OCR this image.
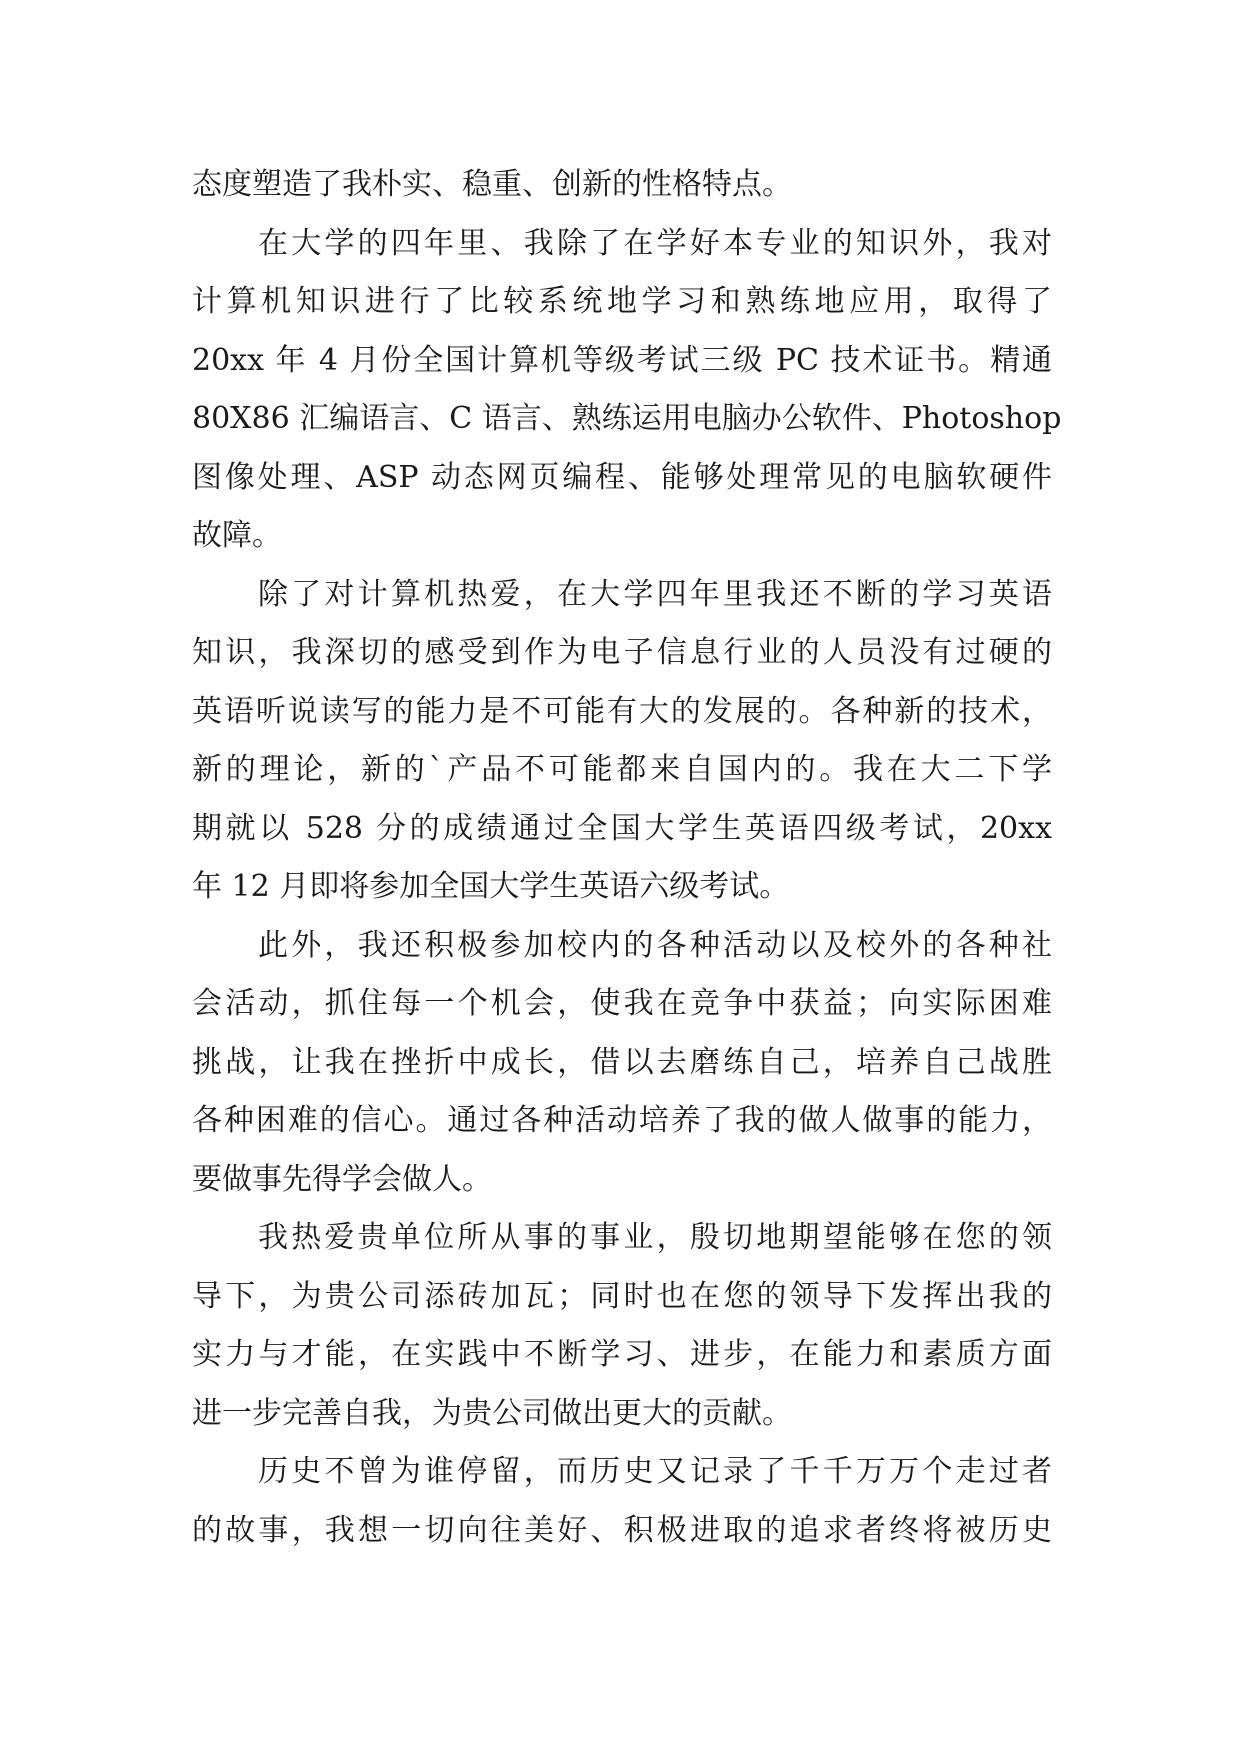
态度塑造了我朴实、稳重、创新的性格特点。
在大学的四年里、我除了在学好本专业的知识外，我对
计算机知识进行了比较系统地学习和熟练地应用，取得了
20xx 年 4 月份全国计算机等级考试三级 PC 技术证书。精通
80X86 汇编语言、C 语言、熟练运用电脑办公软件、Photoshop
图像处理、ASP 动态网页编程、能够处理常见的电脑软硬件
故障。
除了对计算机热爱，在大学四年里我还不断的学习英语
知识，我深切的感受到作为电子信息行业的人员没有过硬的
英语听说读写的能力是不可能有大的发展的。各种新的技术，
新的理论，新的`产品不可能都来自国内的。我在大二下学
期就以 528 分的成绩通过全国大学生英语四级考试，20xx
年 12 月即将参加全国大学生英语六级考试。
此外，我还积极参加校内的各种活动以及校外的各种社
会活动，抓住每一个机会，使我在竞争中获益；向实际困难
挑战，让我在挫折中成长，借以去磨练自己，培养自己战胜
各种困难的信心。通过各种活动培养了我的做人做事的能力，
要做事先得学会做人。
我热爱贵单位所从事的事业，殷切地期望能够在您的领
导下，为贵公司添砖加瓦；同时也在您的领导下发挥出我的
实力与才能，在实践中不断学习、进步，在能力和素质方面
进一步完善自我，为贵公司做出更大的贡献。
历史不曾为谁停留，而历史又记录了千千万万个走过者
的故事，我想一切向往美好、积极进取的追求者终将被历史
